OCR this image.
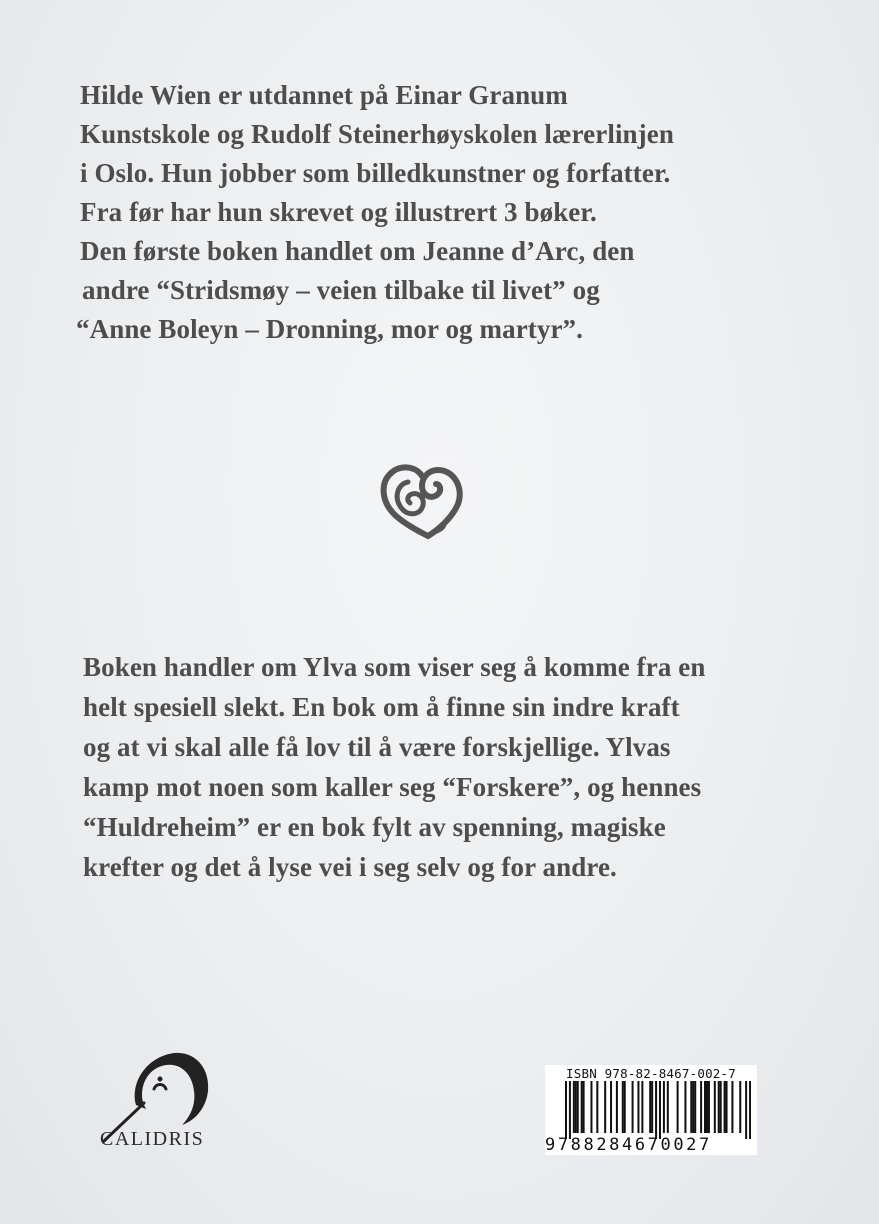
Hilde Wien er utdannet på Einar Granum
Kunstskole og Rudolf Steinerhøyskolen lærerlinjen
i Oslo. Hun jobber som billedkunstner og forfatter.
Fra før har hun skrevet og illustrert 3 bøker.
Den første boken handlet om Jeanne d’Arc, den
andre “Stridsmøy – veien tilbake til livet” og
“Anne Boleyn – Dronning, mor og martyr”.
Boken handler om Ylva som viser seg å komme fra en
helt spesiell slekt. En bok om å finne sin indre kraft
og at vi skal alle få lov til å være forskjellige. Ylvas
kamp mot noen som kaller seg “Forskere”, og hennes
“Huldreheim” er en bok fylt av spenning, magiske
krefter og det å lyse vei i seg selv og for andre.
CALIDRIS
ISBN 978-82-8467-002-7
9788284670027
